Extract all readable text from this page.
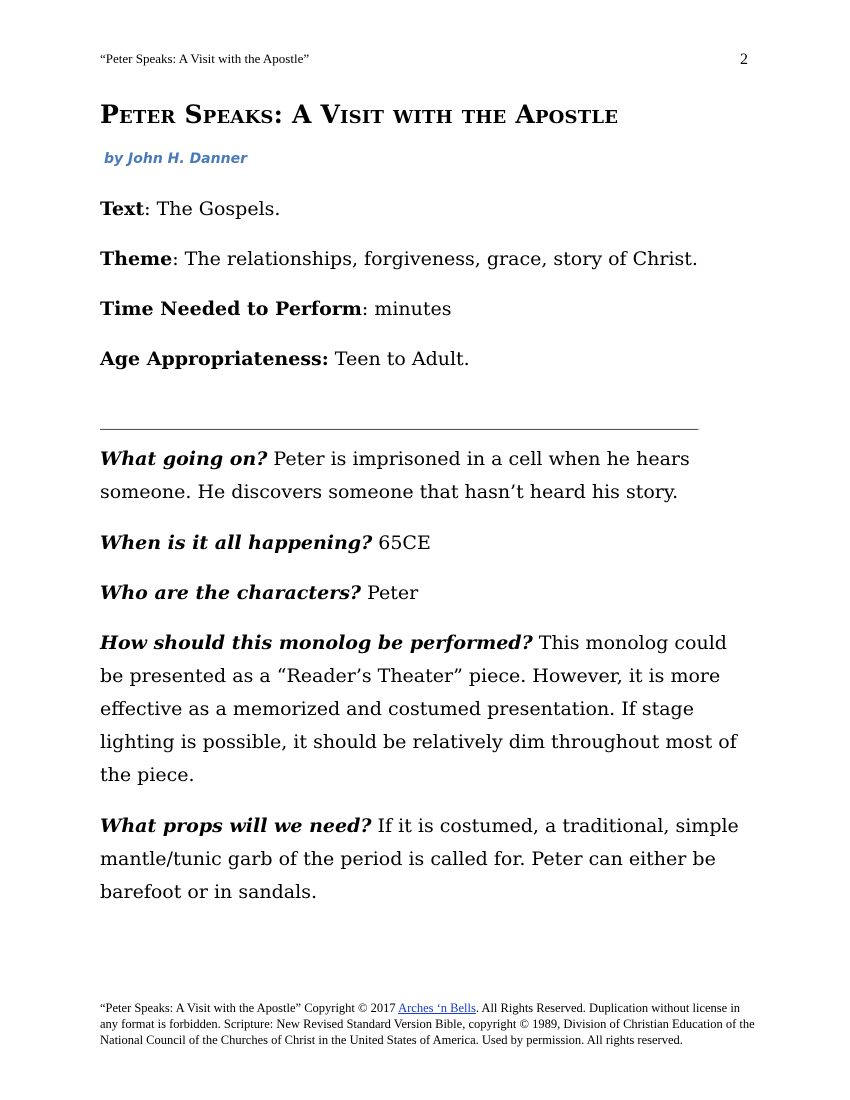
“Peter Speaks: A Visit with the Apostle”	2
Peter Speaks: A Visit with the Apostle
by John H. Danner
Text: The Gospels.
Theme: The relationships, forgiveness, grace, story of Christ.
Time Needed to Perform: minutes
Age Appropriateness: Teen to Adult.
_______________________________________________________________
What going on? Peter is imprisoned in a cell when he hears someone. He discovers someone that hasn’t heard his story.
When is it all happening? 65CE
Who are the characters? Peter
How should this monolog be performed? This monolog could be presented as a “Reader’s Theater” piece. However, it is more effective as a memorized and costumed presentation. If stage lighting is possible, it should be relatively dim throughout most of the piece.
What props will we need? If it is costumed, a traditional, simple mantle/tunic garb of the period is called for. Peter can either be barefoot or in sandals.
“Peter Speaks: A Visit with the Apostle” Copyright © 2017 Arches ‘n Bells. All Rights Reserved. Duplication without license in any format is forbidden. Scripture: New Revised Standard Version Bible, copyright © 1989, Division of Christian Education of the National Council of the Churches of Christ in the United States of America. Used by permission. All rights reserved.
